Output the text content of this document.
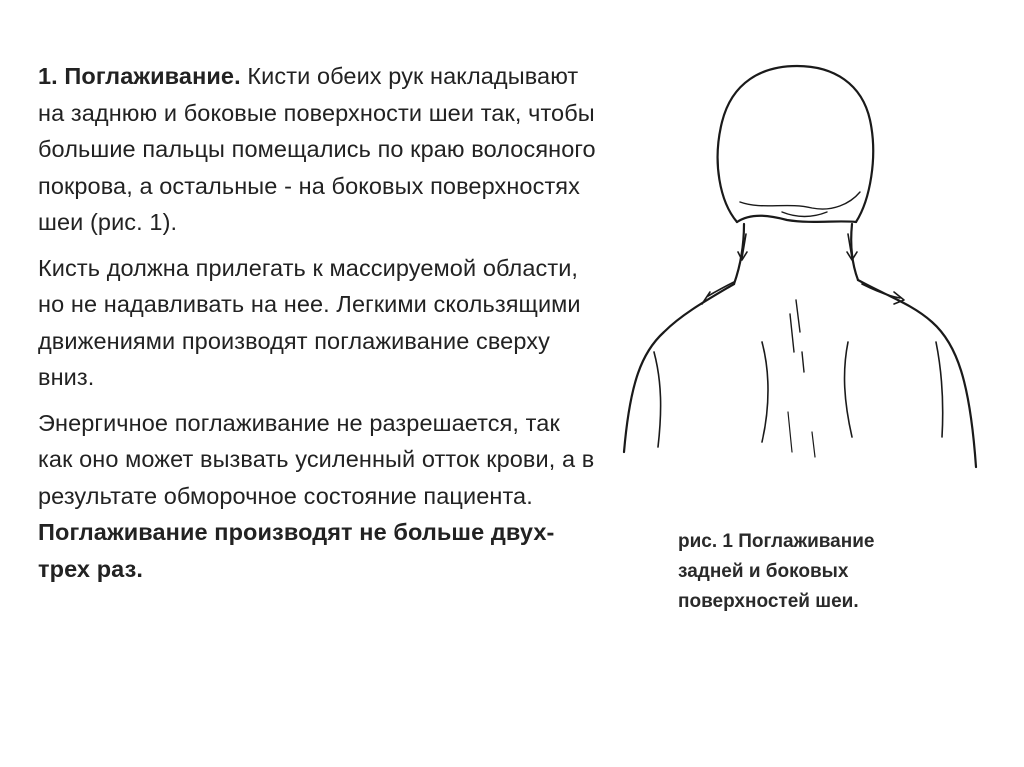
1. Поглаживание. Кисти обеих рук накладывают на заднюю и боковые поверхности шеи так, чтобы большие пальцы помещались по краю волосяного покрова, а остальные - на боковых поверхностях шеи (рис. 1).

Кисть должна прилегать к массируемой области, но не надавливать на нее. Легкими скользящими движениями производят поглаживание сверху вниз.

Энергичное поглаживание не разрешается, так как оно может вызвать усиленный отток крови, а в результате обморочное состояние пациента. Поглаживание производят не больше двух-трех раз.

рис. 1 Поглаживание задней и боковых поверхностей шеи.
